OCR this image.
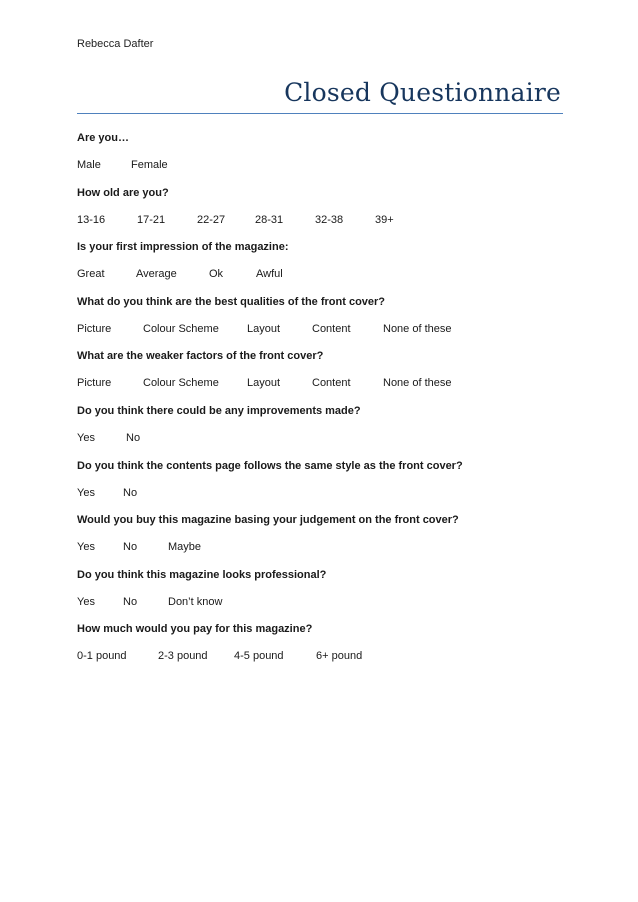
Rebecca Dafter
Closed Questionnaire
Are you…
Male	Female
How old are you?
13-16	17-21	22-27	28-31	32-38	39+
Is your first impression of the magazine:
Great	Average	Ok	Awful
What do you think are the best qualities of the front cover?
Picture	Colour Scheme	Layout	Content	None of these
What are the weaker factors of the front cover?
Picture	Colour Scheme	Layout	Content	None of these
Do you think there could be any improvements made?
Yes	No
Do you think the contents page follows the same style as the front cover?
Yes	No
Would you buy this magazine basing your judgement on the front cover?
Yes	No	Maybe
Do you think this magazine looks professional?
Yes	No	Don’t know
How much would you pay for this magazine?
0-1 pound	2-3 pound 4-5 pound	6+ pound
